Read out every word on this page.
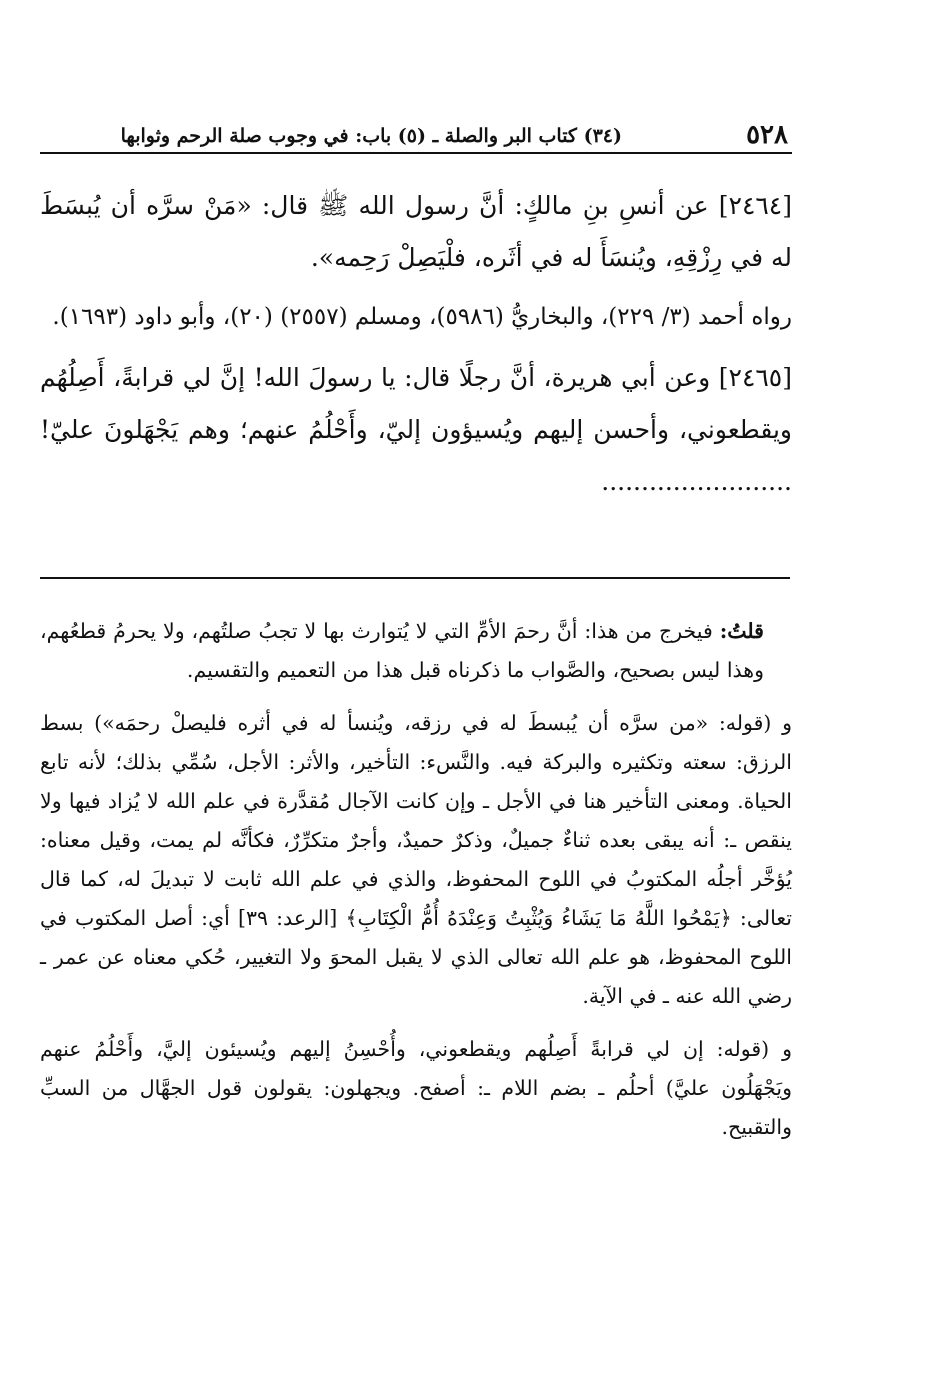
٥٢٨
(٣٤) كتاب البر والصلة ـ (٥) باب: في وجوب صلة الرحم وثوابها

[٢٤٦٤] عن أنسِ بنِ مالكٍ: أنَّ رسول الله ﷺ قال: «مَنْ سرَّه أن يُبسَطَ له في رِزْقِهِ، ويُنسَأَ له في أثَره، فلْيَصِلْ رَحِمه».

رواه أحمد (٣/ ٢٢٩)، والبخاريُّ (٥٩٨٦)، ومسلم (٢٥٥٧) (٢٠)، وأبو داود (١٦٩٣).

[٢٤٦٥] وعن أبي هريرة، أنَّ رجلًا قال: يا رسولَ الله! إنَّ لي قرابةً، أَصِلُهُم ويقطعوني، وأحسن إليهم ويُسيؤون إليّ، وأَحْلُمُ عنهم؛ وهم يَجْهَلونَ عليّ! ........................

قلتُ: فيخرج من هذا: أنَّ رحمَ الأمِّ التي لا يُتوارث بها لا تجبُ صلتُهم، ولا يحرمُ قطعُهم، وهذا ليس بصحيح، والصَّواب ما ذكرناه قبل هذا من التعميم والتقسيم.

و (قوله: «من سرَّه أن يُبسطَ له في رزقه، ويُنسأ له في أثره فليصلْ رحمَه») بسط الرزق: سعته وتكثيره والبركة فيه. والنَّسء: التأخير، والأثر: الأجل، سُمِّي بذلك؛ لأنه تابع الحياة. ومعنى التأخير هنا في الأجل ـ وإن كانت الآجال مُقدَّرة في علم الله لا يُزاد فيها ولا ينقص ـ: أنه يبقى بعده ثناءٌ جميلٌ، وذكرٌ حميدٌ، وأجرٌ متكرِّرٌ، فكأنَّه لم يمت، وقيل معناه: يُؤخَّر أجلُه المكتوبُ في اللوح المحفوظ، والذي في علم الله ثابت لا تبديلَ له، كما قال تعالى: ﴿يَمْحُوا اللَّهُ مَا يَشَاءُ وَيُثْبِتُ وَعِنْدَهُ أُمُّ الْكِتَابِ﴾ [الرعد: ٣٩] أي: أصل المكتوب في اللوح المحفوظ، هو علم الله تعالى الذي لا يقبل المحوَ ولا التغيير، حُكي معناه عن عمر ـ رضي الله عنه ـ في الآية.

و (قوله: إن لي قرابةً أَصِلُهم ويقطعوني، وأُحْسِنُ إليهم ويُسيئون إليَّ، وأَحْلُمُ عنهم ويَجْهَلُون عليَّ) أحلُم ـ بضم اللام ـ: أصفح. ويجهلون: يقولون قول الجهَّال من السبِّ والتقبيح.
